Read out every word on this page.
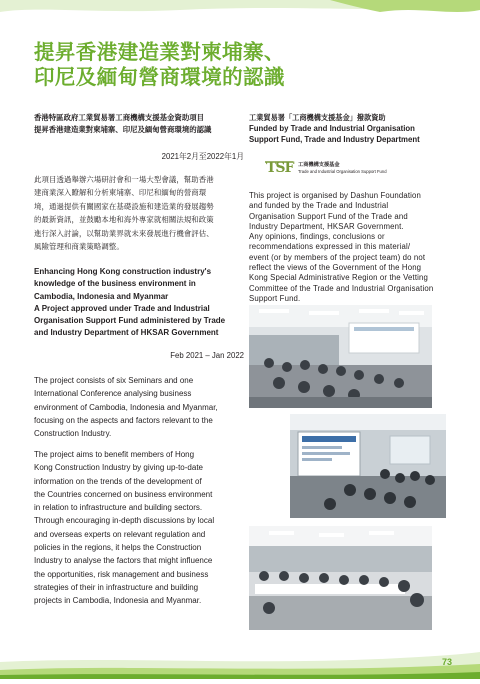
提昇香港建造業對柬埔寨、
印尼及緬甸營商環境的認識
香港特區政府工業貿易署工商機構支援基金資助項目
提昇香港建造業對柬埔寨、印尼及緬甸營商環境的認識
2021年2月至2022年1月
此項目透過舉辦六場研討會和一場大型會議，幫助香港
建商業深入瞭解和分析柬埔寨、印尼和緬甸的營商環
境，通過提供有關國家在基礎設施和建造業的發展趨勢
的最新資訊，並鼓勵本地和海外專家就相關法規和政策
進行深入討論，以幫助業界就未來發展進行機會評估、
風險管理和商業策略調整。
Enhancing Hong Kong construction industry's
knowledge of the business environment in
Cambodia, Indonesia and Myanmar
A Project approved under Trade and Industrial
Organisation Support Fund administered by Trade
and Industry Department of HKSAR Government
Feb 2021 – Jan 2022
The project consists of six Seminars and one
International Conference analysing business
environment of Cambodia, Indonesia and Myanmar,
focusing on the aspects and factors relevant to the
Construction Industry.
The project aims to benefit members of Hong
Kong Construction Industry by giving up-to-date
information on the trends of the development of
the Countries concerned on business environment
in relation to infrastructure and building sectors.
Through encouraging in-depth discussions by local
and overseas experts on relevant regulation and
policies in the regions, it helps the Construction
Industry to analyse the factors that might influence
the opportunities, risk management and business
strategies of their in infrastructure and building
projects in Cambodia, Indonesia and Myanmar.
工業貿易署「工商機構支援基金」撥款資助
Funded by Trade and Industrial Organisation
Support Fund, Trade and Industry Department
TSF 工商機構支援基金
Trade and Industrial Organisation Support Fund
This project is organised by Dashun Foundation
and funded by the Trade and Industrial
Organisation Support Fund of the Trade and
Industry Department, HKSAR Government.
Any opinions, findings, conclusions or
recommendations expressed in this material/
event (or by members of the project team) do not
reflect the views of the Government of the Hong
Kong Special Administrative Region or the Vetting
Committee of the Trade and Industrial Organisation
Support Fund.
73
